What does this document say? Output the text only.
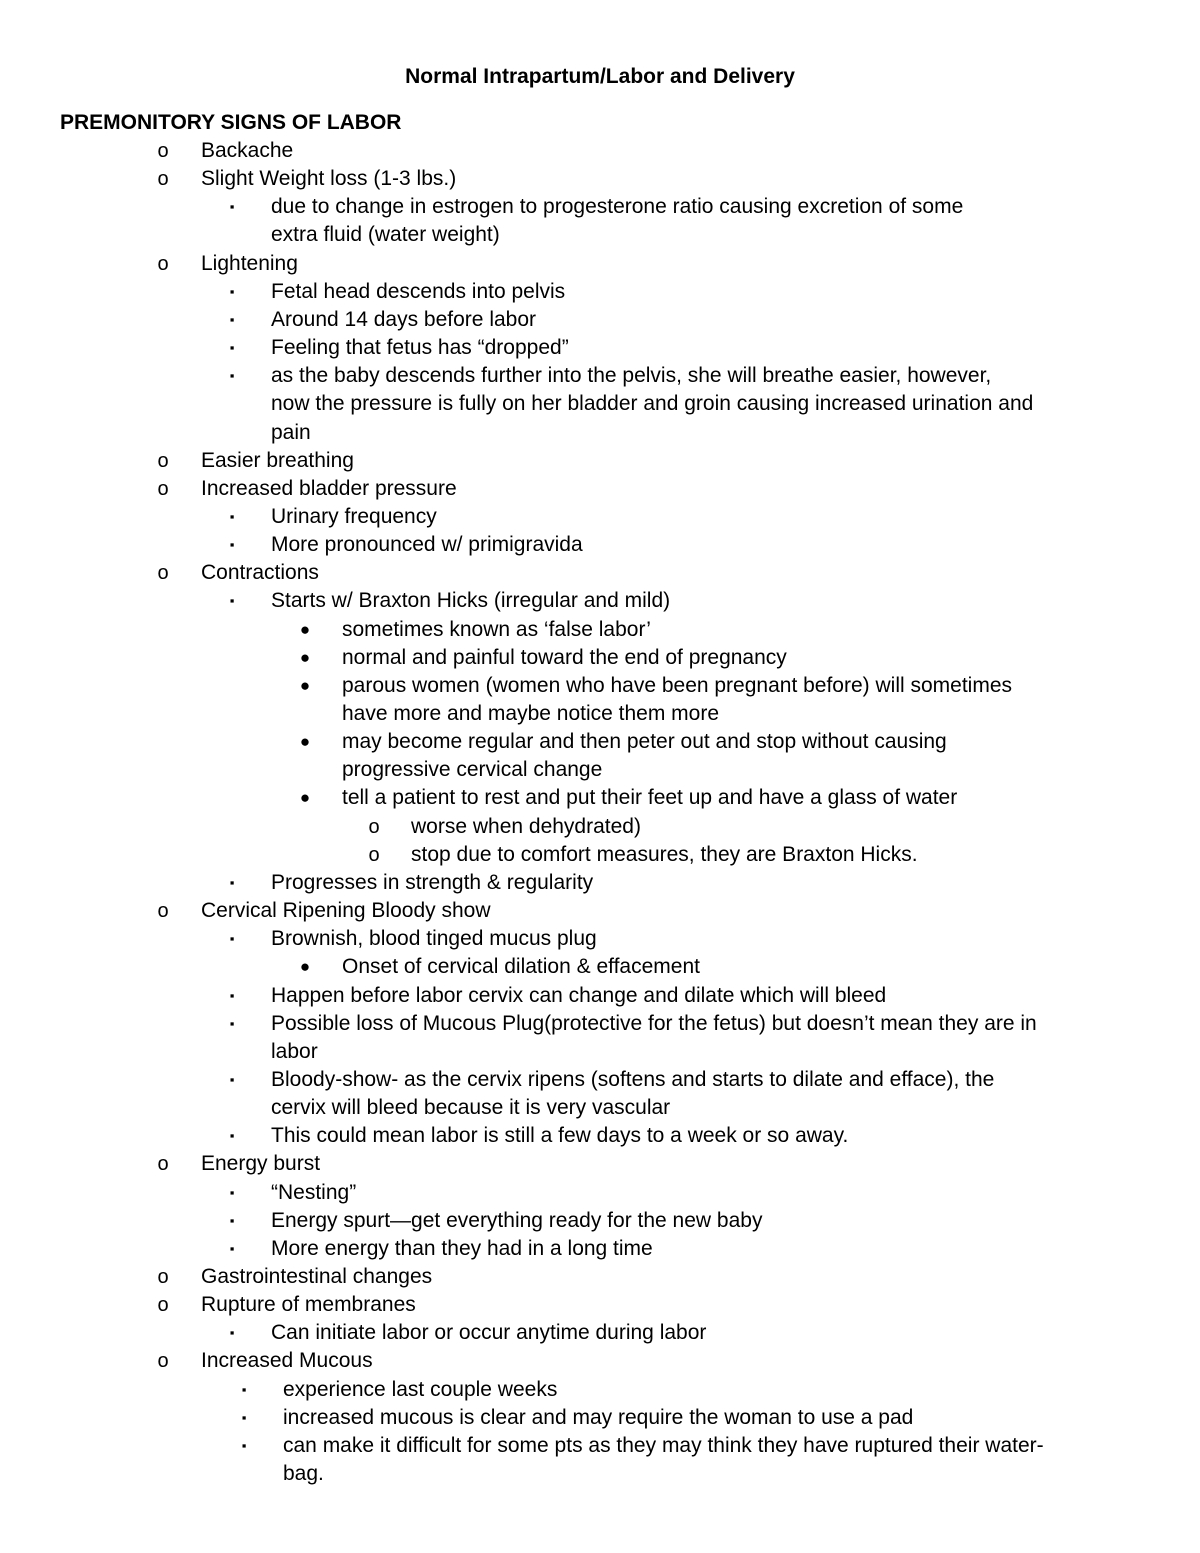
Normal Intrapartum/Labor and Delivery
PREMONITORY SIGNS OF LABOR
o Backache
o Slight Weight loss (1-3 lbs.)
▪	due to change in estrogen to progesterone ratio causing excretion of some
extra fluid (water weight)
o Lightening
▪	Fetal head descends into pelvis
▪	Around 14 days before labor
▪	Feeling that fetus has “dropped”
▪	as the baby descends further into the pelvis, she will breathe easier, however,
now the pressure is fully on her bladder and groin causing increased urination and
pain
o Easier breathing
o Increased bladder pressure
▪	Urinary frequency
▪	More pronounced w/ primigravida
o Contractions
▪	Starts w/ Braxton Hicks (irregular and mild)
● sometimes known as ‘false labor’
● normal and painful toward the end of pregnancy
● parous women (women who have been pregnant before) will sometimes
have more and maybe notice them more
● may become regular and then peter out and stop without causing
progressive cervical change
● tell a patient to rest and put their feet up and have a glass of water
o worse when dehydrated)
o stop due to comfort measures, they are Braxton Hicks.
▪	Progresses in strength & regularity
o Cervical Ripening Bloody show
▪	Brownish, blood tinged mucus plug
● Onset of cervical dilation & effacement
▪	Happen before labor cervix can change and dilate which will bleed
▪	Possible loss of Mucous Plug(protective for the fetus) but doesn’t mean they are in
labor
▪	Bloody-show- as the cervix ripens (softens and starts to dilate and efface), the
cervix will bleed because it is very vascular
▪	This could mean labor is still a few days to a week or so away.
o Energy burst
▪	“Nesting”
▪	Energy spurt—get everything ready for the new baby
▪	More energy than they had in a long time
o Gastrointestinal changes
o Rupture of membranes
▪	Can initiate labor or occur anytime during labor
o Increased Mucous
▪	experience last couple weeks
▪	increased mucous is clear and may require the woman to use a pad
▪	can make it difficult for some pts as they may think they have ruptured their water-
bag.
